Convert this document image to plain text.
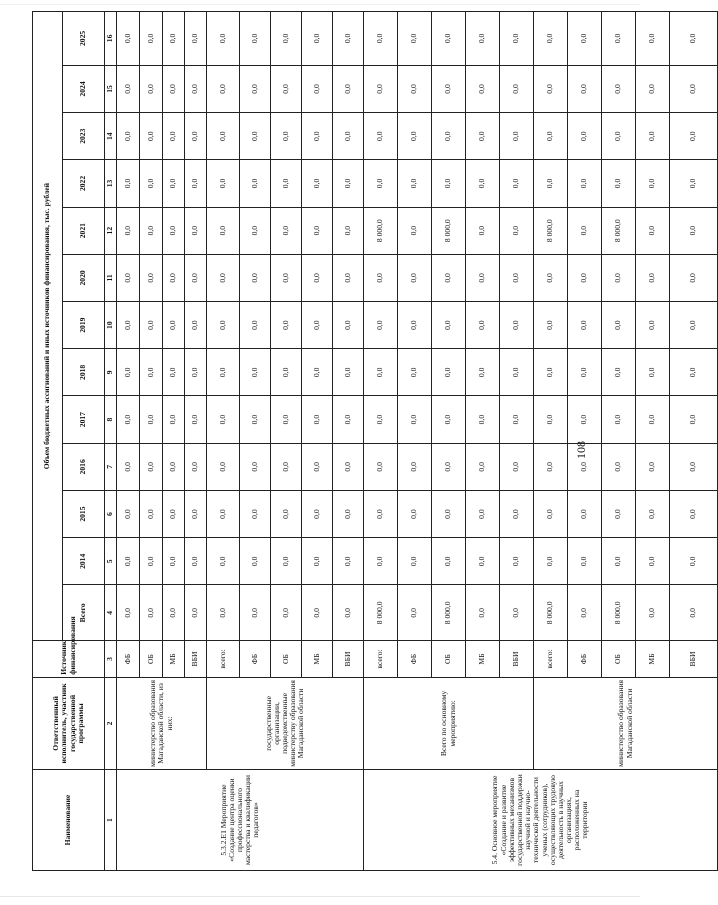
108
Наименование	Ответственный исполнитель, участник государственной программы	Источник финансирования	Объем бюджетных ассигнований и иных источников финансирования, тыс. рублей												
			Всего	2014	2015	2016	2017	2018	2019	2020	2021	2022	2023	2024	2025
1	2	3	4	5	6	7	8	9	10	11	12	13	14	15	16
5.3.2.Е1 Мероприятие «Создание центра оценки профессионального мастерства и квалификации педагогов»	министерство образования Магаданской области, из них:	ФБ	0,0	0,0	0,0	0,0	0,0	0,0	0,0	0,0	0,0	0,0	0,0	0,0	0,0
		ОБ	0,0	0,0	0,0	0,0	0,0	0,0	0,0	0,0	0,0	0,0	0,0	0,0	0,0
		МБ	0,0	0,0	0,0	0,0	0,0	0,0	0,0	0,0	0,0	0,0	0,0	0,0	0,0
		ВБИ	0,0	0,0	0,0	0,0	0,0	0,0	0,0	0,0	0,0	0,0	0,0	0,0	0,0
	государственные организации, подведомственные министерству образования Магаданской области	всего:	0,0	0,0	0,0	0,0	0,0	0,0	0,0	0,0	0,0	0,0	0,0	0,0	0,0
		ФБ	0,0	0,0	0,0	0,0	0,0	0,0	0,0	0,0	0,0	0,0	0,0	0,0	0,0
		ОБ	0,0	0,0	0,0	0,0	0,0	0,0	0,0	0,0	0,0	0,0	0,0	0,0	0,0
		МБ	0,0	0,0	0,0	0,0	0,0	0,0	0,0	0,0	0,0	0,0	0,0	0,0	0,0
		ВБИ	0,0	0,0	0,0	0,0	0,0	0,0	0,0	0,0	0,0	0,0	0,0	0,0	0,0
5.4. Основное мероприятие «Создание и развитие эффективных механизмов государственной поддержки научной и научно-технической деятельности ученых (сотрудников), осуществляющих трудовую деятельность в научных организациях, расположенных на территории	Всего по основному мероприятию:	всего:	8 000,0	0,0	0,0	0,0	0,0	0,0	0,0	0,0	8 000,0	0,0	0,0	0,0	0,0
		ФБ	0,0	0,0	0,0	0,0	0,0	0,0	0,0	0,0	0,0	0,0	0,0	0,0	0,0
		ОБ	8 000,0	0,0	0,0	0,0	0,0	0,0	0,0	0,0	8 000,0	0,0	0,0	0,0	0,0
		МБ	0,0	0,0	0,0	0,0	0,0	0,0	0,0	0,0	0,0	0,0	0,0	0,0	0,0
		ВБИ	0,0	0,0	0,0	0,0	0,0	0,0	0,0	0,0	0,0	0,0	0,0	0,0	0,0
	министерство образования Магаданской области	всего:	8 000,0	0,0	0,0	0,0	0,0	0,0	0,0	0,0	8 000,0	0,0	0,0	0,0	0,0
		ФБ	0,0	0,0	0,0	0,0	0,0	0,0	0,0	0,0	0,0	0,0	0,0	0,0	0,0
		ОБ	8 000,0	0,0	0,0	0,0	0,0	0,0	0,0	0,0	8 000,0	0,0	0,0	0,0	0,0
		МБ	0,0	0,0	0,0	0,0	0,0	0,0	0,0	0,0	0,0	0,0	0,0	0,0	0,0
		ВБИ	0,0	0,0	0,0	0,0	0,0	0,0	0,0	0,0	0,0	0,0	0,0	0,0	0,0
